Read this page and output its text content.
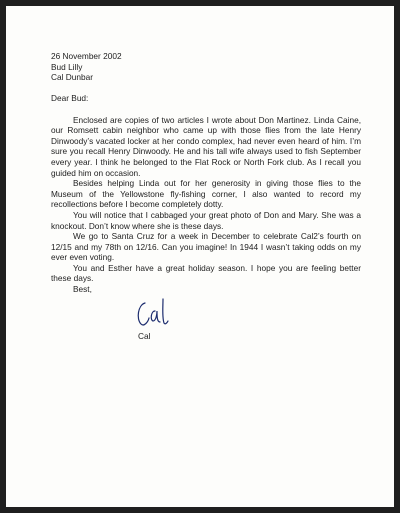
26 November 2002
Bud Lilly
Cal Dunbar
Dear Bud:

Enclosed are copies of two articles I wrote about Don Martinez. Linda Caine, our Romsett cabin neighbor who came up with those flies from the late Henry Dinwoody’s vacated locker at her condo complex, had never even heard of him. I’m sure you recall Henry Dinwoody. He and his tall wife always used to fish September every year. I think he belonged to the Flat Rock or North Fork club. As I recall you guided him on occasion.

Besides helping Linda out for her generosity in giving those flies to the Museum of the Yellowstone fly-fishing corner, I also wanted to record my recollections before I become completely dotty.

You will notice that I cabbaged your great photo of Don and Mary. She was a knockout. Don’t know where she is these days.

We go to Santa Cruz for a week in December to celebrate Cal2’s fourth on 12/15 and my 78th on 12/16. Can you imagine! In 1944 I wasn’t taking odds on my ever even voting.

You and Esther have a great holiday season. I hope you are feeling better these days.

Best,
Cal
